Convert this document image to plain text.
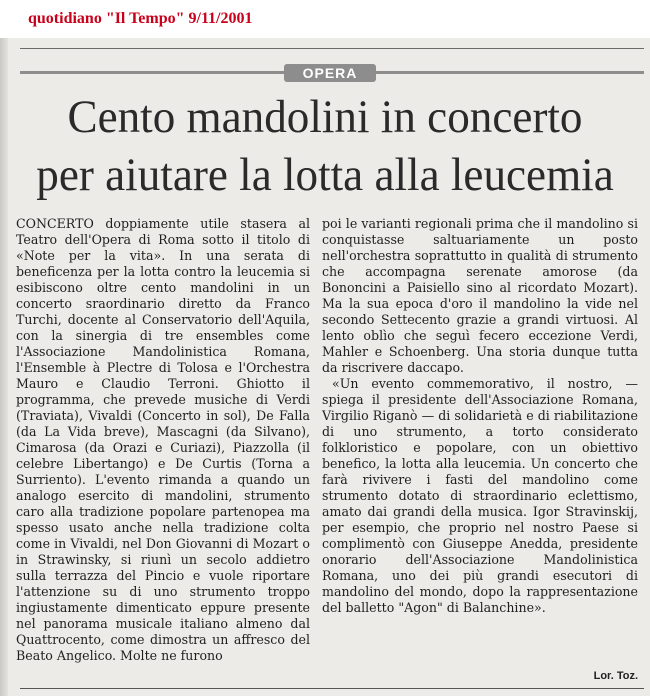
quotidiano "Il Tempo" 9/11/2001
OPERA
Cento mandolini in concerto
per aiutare la lotta alla leucemia

CONCERTO doppiamente utile stasera al Teatro dell'Opera di Roma sotto il titolo di «Note per la vita». In una serata di beneficenza per la lotta contro la leucemia si esibiscono oltre cento mandolini in un concerto sraordinario diretto da Franco Turchi, docente al Conservatorio dell'Aquila, con la sinergia di tre ensembles come l'Associazione Mandolinistica Romana, l'Ensemble à Plectre di Tolosa e l'Orchestra Mauro e Claudio Terroni. Ghiotto il programma, che prevede musiche di Verdi (Traviata), Vivaldi (Concerto in sol), De Falla (da La Vida breve), Mascagni (da Silvano), Cimarosa (da Orazi e Curiazi), Piazzolla (il celebre Libertango) e De Curtis (Torna a Surriento). L'evento rimanda a quando un analogo esercito di mandolini, strumento caro alla tradizione popolare partenopea ma spesso usato anche nella tradizione colta come in Vivaldi, nel Don Giovanni di Mozart o in Strawinsky, si riunì un secolo addietro sulla terrazza del Pincio e vuole riportare l'attenzione su di uno strumento troppo ingiustamente dimenticato eppure presente nel panorama musicale italiano almeno dal Quattrocento, come dimostra un affresco del Beato Angelico. Molte ne furono

poi le varianti regionali prima che il mandolino si conquistasse saltuariamente un posto nell'orchestra soprattutto in qualità di strumento che accompagna serenate amorose (da Bononcini a Paisiello sino al ricordato Mozart). Ma la sua epoca d'oro il mandolino la vide nel secondo Settecento grazie a grandi virtuosi. Al lento oblìo che seguì fecero eccezione Verdi, Mahler e Schoenberg. Una storia dunque tutta da riscrivere daccapo.

«Un evento commemorativo, il nostro, — spiega il presidente dell'Associazione Romana, Virgilio Riganò — di solidarietà e di riabilitazione di uno strumento, a torto considerato folkloristico e popolare, con un obiettivo benefico, la lotta alla leucemia. Un concerto che farà rivivere i fasti del mandolino come strumento dotato di straordinario eclettismo, amato dai grandi della musica. Igor Stravinskij, per esempio, che proprio nel nostro Paese si complimentò con Giuseppe Anedda, presidente onorario dell'Associazione Mandolinistica Romana, uno dei più grandi esecutori di mandolino del mondo, dopo la rappresentazione del balletto "Agon" di Balanchine».

Lor. Toz.
